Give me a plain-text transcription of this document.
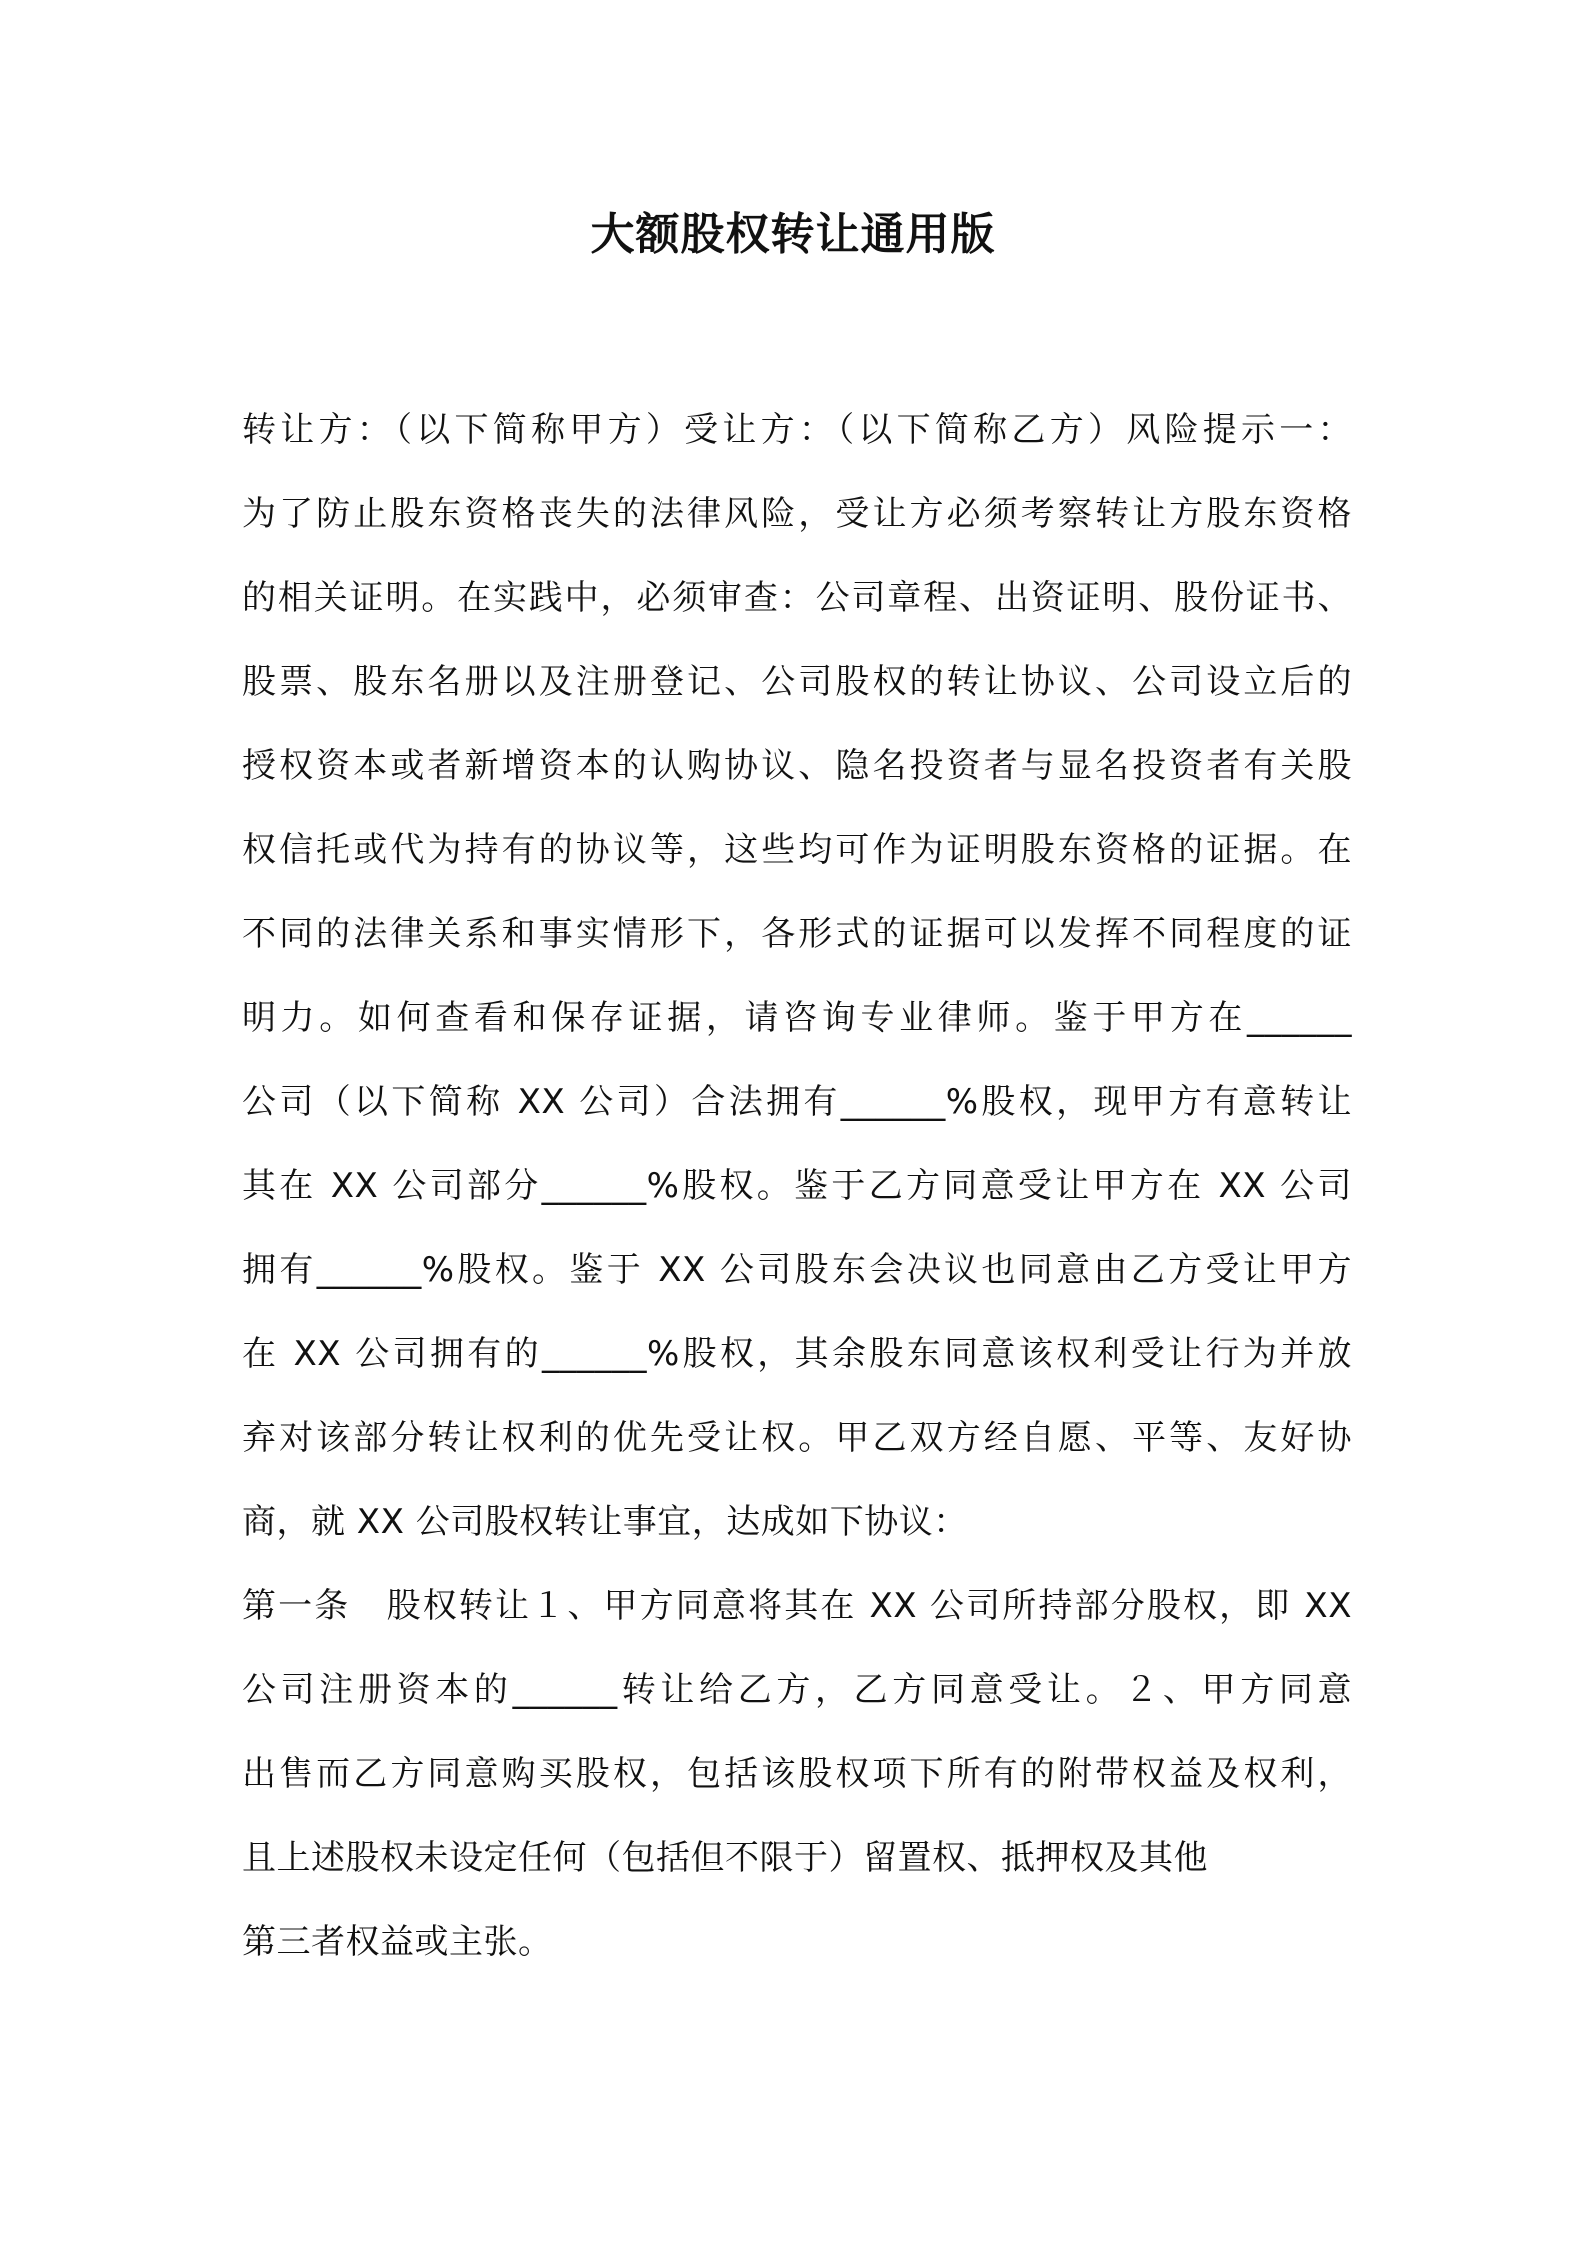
大额股权转让通用版
转让方：（以下简称甲方）受让方：（以下简称乙方）风险提示一：
为了防止股东资格丧失的法律风险，受让方必须考察转让方股东资格
的相关证明。在实践中，必须审查：公司章程、出资证明、股份证书、
股票、股东名册以及注册登记、公司股权的转让协议、公司设立后的
授权资本或者新增资本的认购协议、隐名投资者与显名投资者有关股
权信托或代为持有的协议等，这些均可作为证明股东资格的证据。在
不同的法律关系和事实情形下，各形式的证据可以发挥不同程度的证
明力。如何查看和保存证据，请咨询专业律师。鉴于甲方在______
公司（以下简称 XX 公司）合法拥有______%股权，现甲方有意转让
其在 XX 公司部分______%股权。鉴于乙方同意受让甲方在 XX 公司
拥有______%股权。鉴于 XX 公司股东会决议也同意由乙方受让甲方
在 XX 公司拥有的______%股权，其余股东同意该权利受让行为并放
弃对该部分转让权利的优先受让权。甲乙双方经自愿、平等、友好协
商，就 XX 公司股权转让事宜，达成如下协议：
第一条　股权转让１、甲方同意将其在 XX 公司所持部分股权，即 XX
公司注册资本的______转让给乙方，乙方同意受让。２、甲方同意
出售而乙方同意购买股权，包括该股权项下所有的附带权益及权利，
且上述股权未设定任何（包括但不限于）留置权、抵押权及其他
第三者权益或主张。
